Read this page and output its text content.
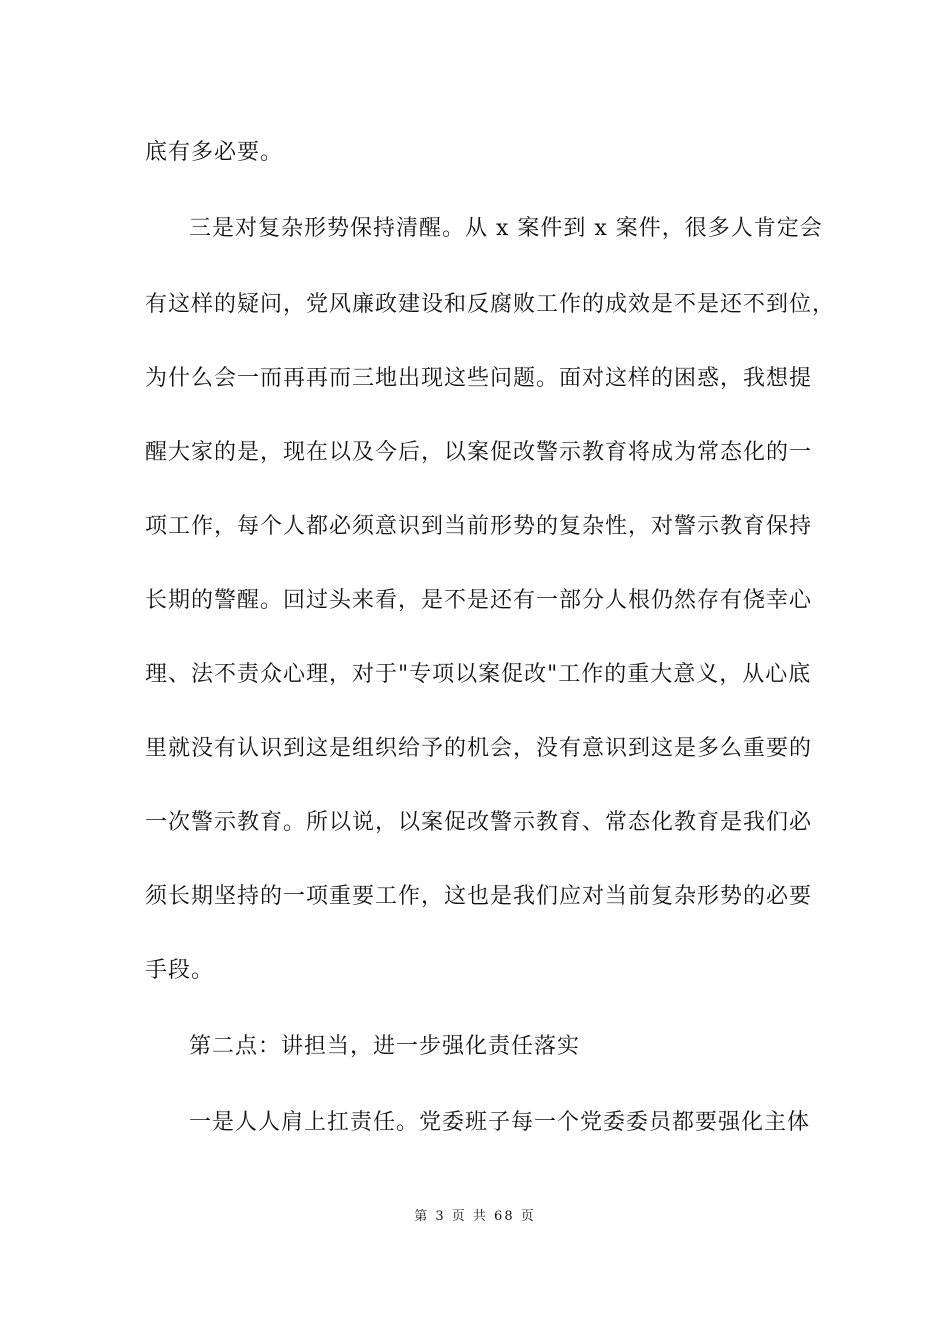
底有多必要。
三是对复杂形势保持清醒。从 x 案件到 x 案件，很多人肯定会
有这样的疑问，党风廉政建设和反腐败工作的成效是不是还不到位，
为什么会一而再再而三地出现这些问题。面对这样的困惑，我想提
醒大家的是，现在以及今后，以案促改警示教育将成为常态化的一
项工作，每个人都必须意识到当前形势的复杂性，对警示教育保持
长期的警醒。回过头来看，是不是还有一部分人根仍然存有侥幸心
理、法不责众心理，对于"专项以案促改"工作的重大意义，从心底
里就没有认识到这是组织给予的机会，没有意识到这是多么重要的
一次警示教育。所以说，以案促改警示教育、常态化教育是我们必
须长期坚持的一项重要工作，这也是我们应对当前复杂形势的必要
手段。
第二点：讲担当，进一步强化责任落实
一是人人肩上扛责任。党委班子每一个党委委员都要强化主体
第 3 页 共 68 页
